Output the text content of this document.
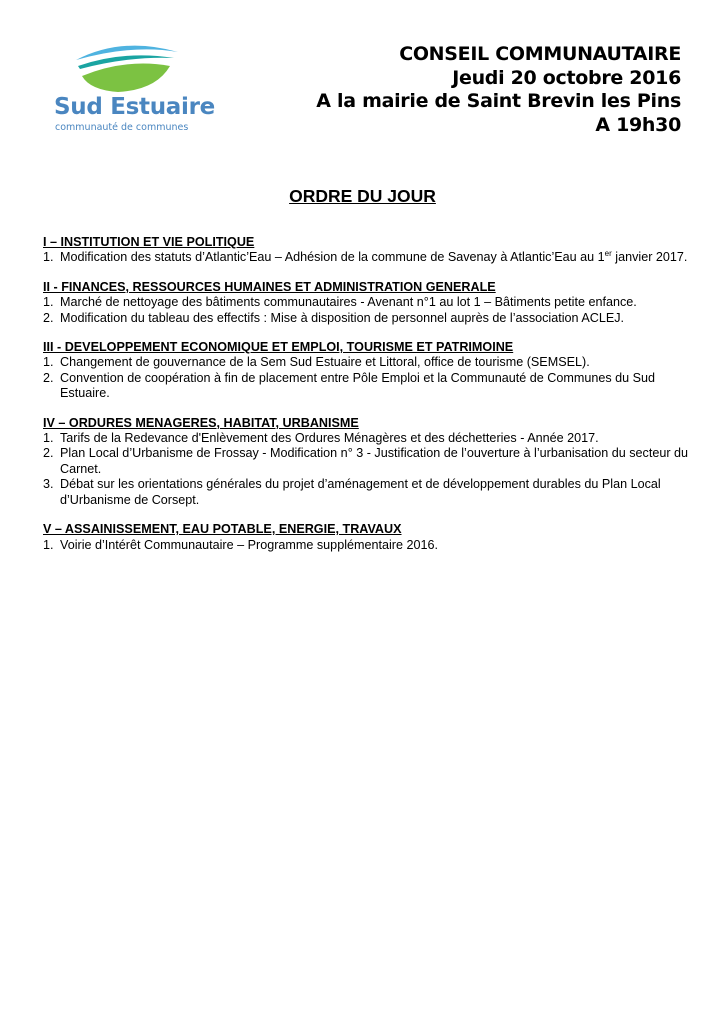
Sud Estuaire
communauté de communes
CONSEIL COMMUNAUTAIRE
Jeudi 20 octobre 2016
A la mairie de Saint Brevin les Pins
A 19h30
ORDRE DU JOUR
I – INSTITUTION ET VIE POLITIQUE
1. Modification des statuts d’Atlantic’Eau – Adhésion de la commune de Savenay à Atlantic’Eau au 1er janvier 2017.
II - FINANCES, RESSOURCES HUMAINES ET ADMINISTRATION GENERALE
1. Marché de nettoyage des bâtiments communautaires - Avenant n°1 au lot 1 – Bâtiments petite enfance.
2. Modification du tableau des effectifs : Mise à disposition de personnel auprès de l’association ACLEJ.
III - DEVELOPPEMENT ECONOMIQUE ET EMPLOI, TOURISME ET PATRIMOINE
1. Changement de gouvernance de la Sem Sud Estuaire et Littoral, office de tourisme (SEMSEL).
2. Convention de coopération à fin de placement entre Pôle Emploi et la Communauté de Communes du Sud Estuaire.
IV – ORDURES MENAGERES, HABITAT, URBANISME
1. Tarifs de la Redevance d'Enlèvement des Ordures Ménagères et des déchetteries - Année 2017.
2. Plan Local d’Urbanisme de Frossay - Modification n° 3 - Justification de l’ouverture à l’urbanisation du secteur du Carnet.
3. Débat sur les orientations générales du projet d’aménagement et de développement durables du Plan Local d’Urbanisme de Corsept.
V – ASSAINISSEMENT, EAU POTABLE, ENERGIE, TRAVAUX
1. Voirie d’Intérêt Communautaire – Programme supplémentaire 2016.
